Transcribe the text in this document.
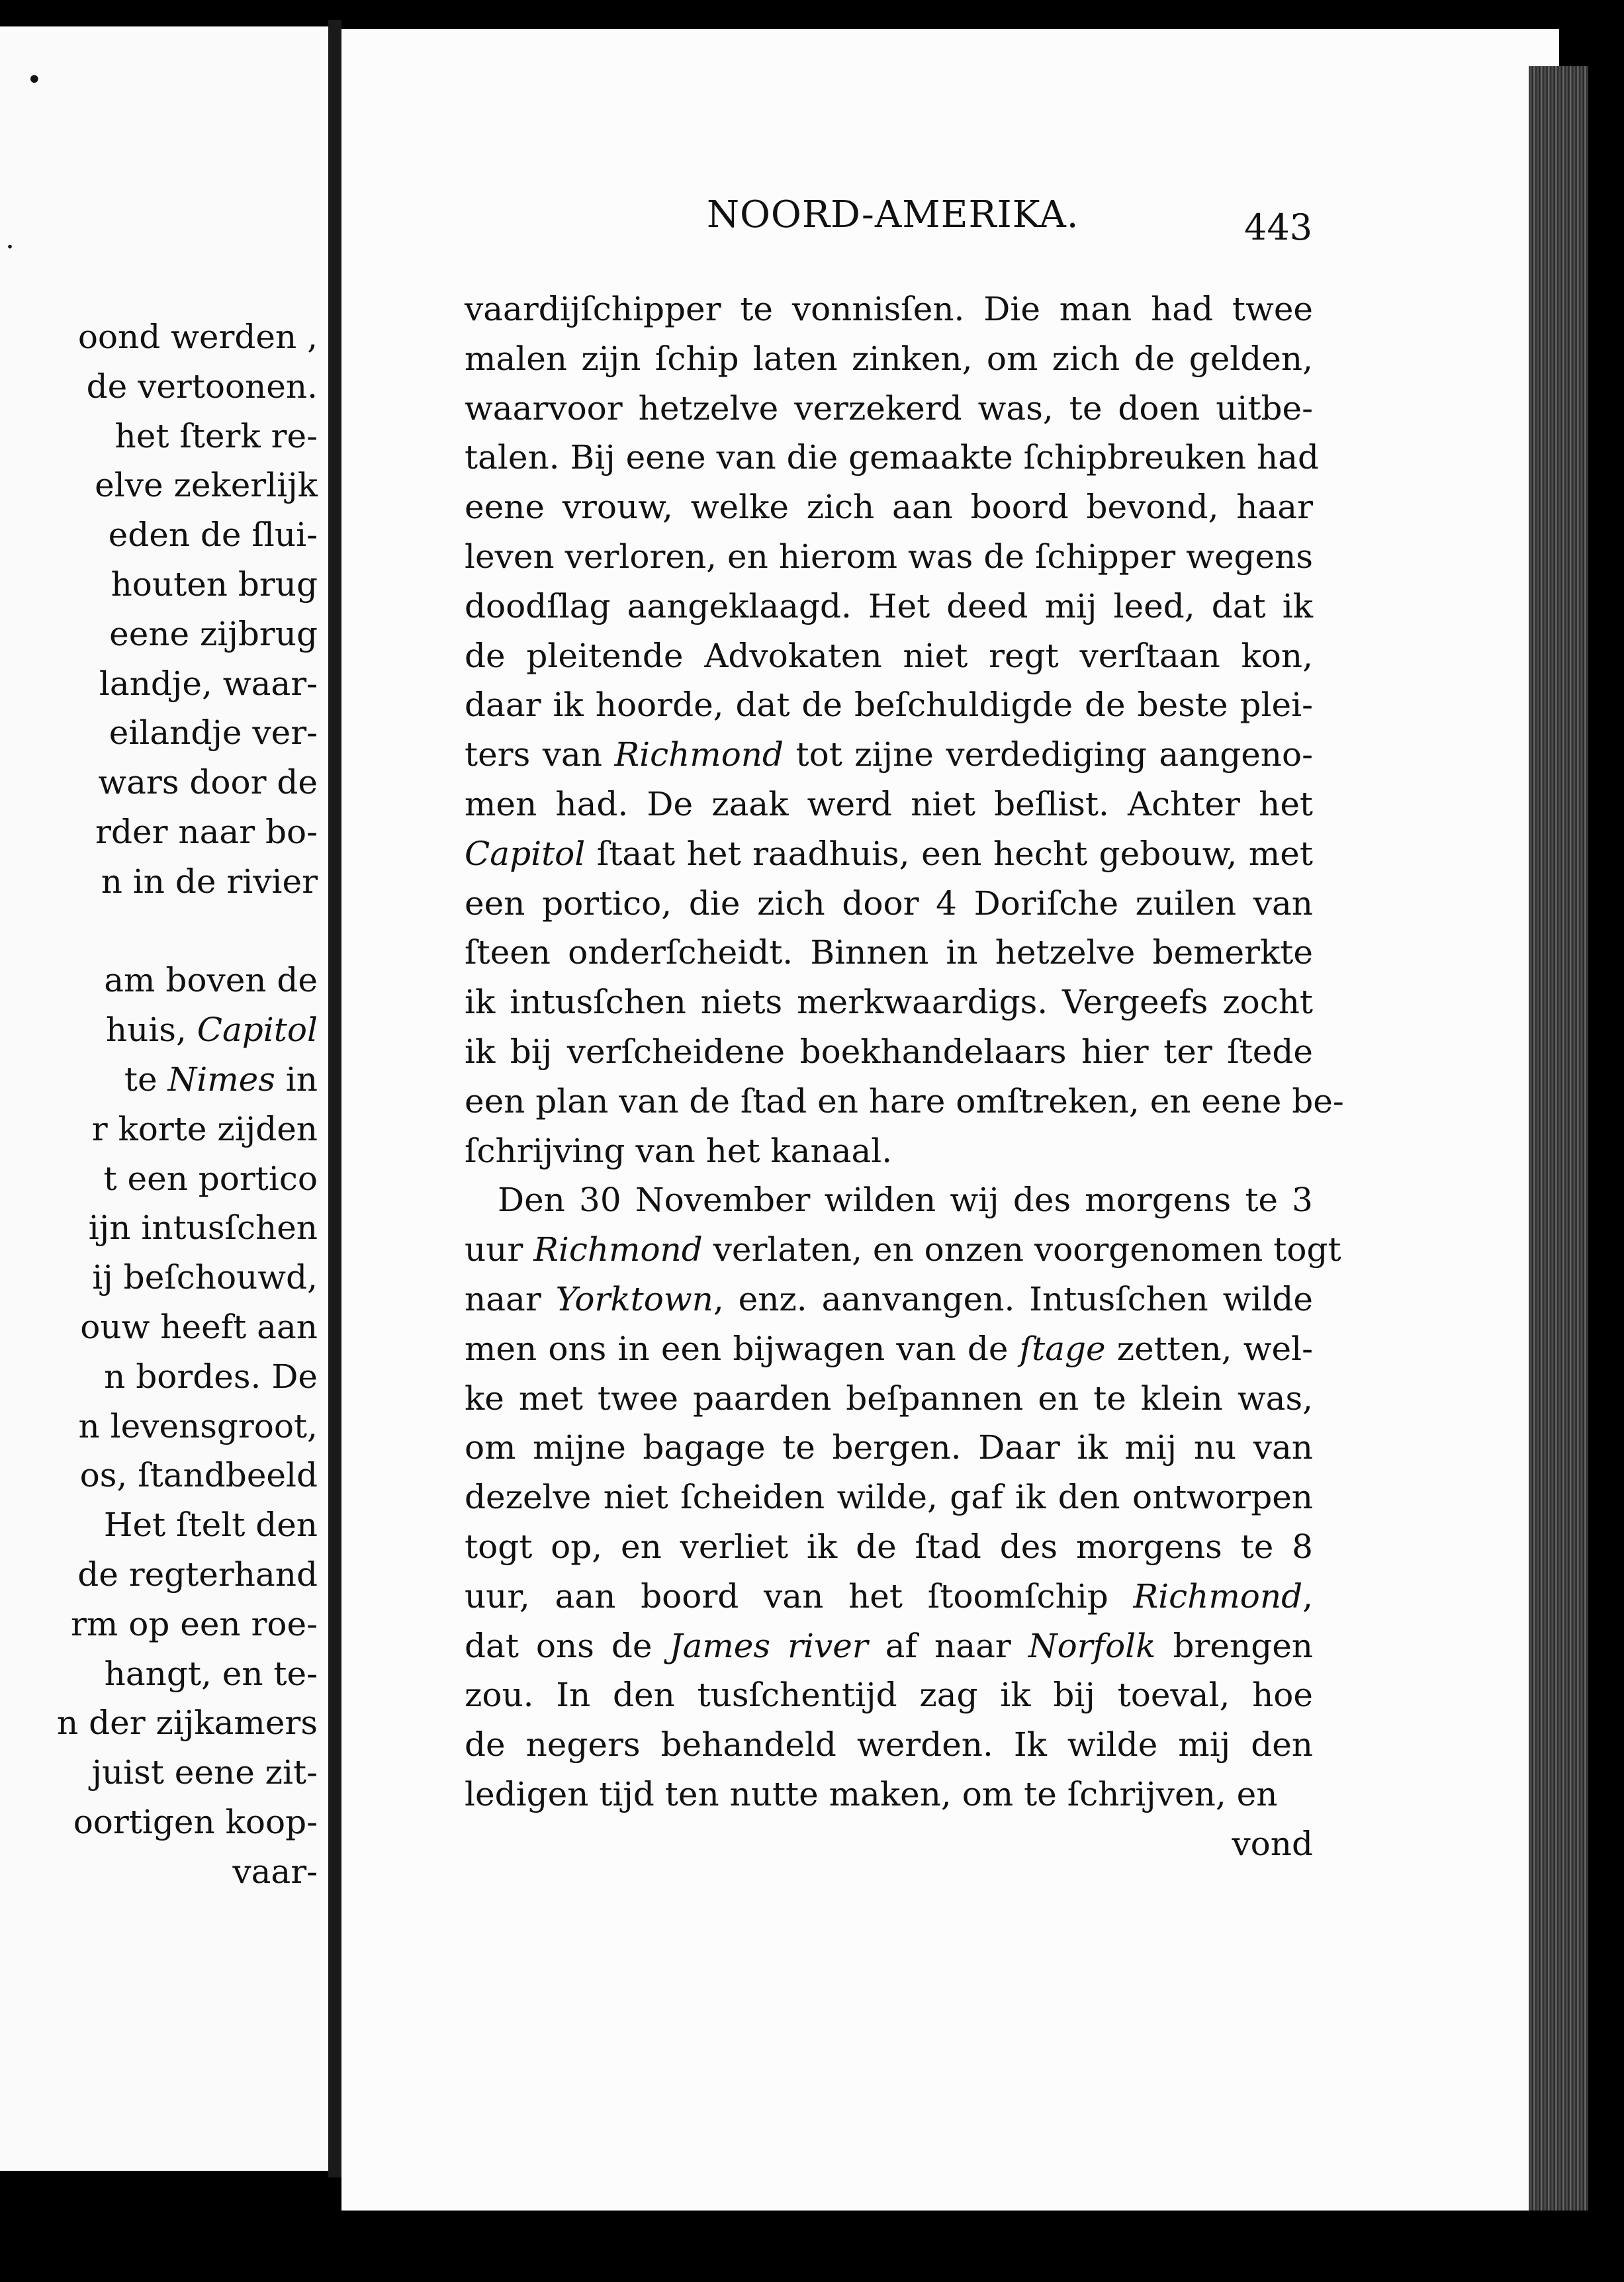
•
.
oond werden ,
de vertoonen.
het ſterk re-
elve zekerlijk
eden de ſlui-
houten brug
eene zijbrug
landje, waar-
eilandje ver-
wars door de
rder naar bo-
n in de rivier
am boven de
huis, Capitol
te Nimes in
r korte zijden
t een portico
ijn intusſchen
ij beſchouwd,
ouw heeft aan
n bordes. De
n levensgroot,
os, ſtandbeeld
Het ſtelt den
de regterhand
rm op een roe-
hangt, en te-
n der zijkamers
juist eene zit-
oortigen koop-
vaar-
NOORD-AMERIKA.	443
vaardijſchipper te vonnisſen. Die man had twee
malen zijn ſchip laten zinken, om zich de gelden,
waarvoor hetzelve verzekerd was, te doen uitbe-
talen. Bij eene van die gemaakte ſchipbreuken had
eene vrouw, welke zich aan boord bevond, haar
leven verloren, en hierom was de ſchipper wegens
doodſlag aangeklaagd. Het deed mij leed, dat ik
de pleitende Advokaten niet regt verſtaan kon,
daar ik hoorde, dat de beſchuldigde de beste plei-
ters van Richmond tot zijne verdediging aangeno-
men had. De zaak werd niet beſlist. Achter het
Capitol ſtaat het raadhuis, een hecht gebouw, met
een portico, die zich door 4 Doriſche zuilen van
ſteen onderſcheidt. Binnen in hetzelve bemerkte
ik intusſchen niets merkwaardigs. Vergeefs zocht
ik bij verſcheidene boekhandelaars hier ter ſtede
een plan van de ſtad en hare omſtreken, en eene be-
ſchrijving van het kanaal.
Den 30 November wilden wij des morgens te 3
uur Richmond verlaten, en onzen voorgenomen togt
naar Yorktown, enz. aanvangen. Intusſchen wilde
men ons in een bijwagen van de ſtage zetten, wel-
ke met twee paarden beſpannen en te klein was,
om mijne bagage te bergen. Daar ik mij nu van
dezelve niet ſcheiden wilde, gaf ik den ontworpen
togt op, en verliet ik de ſtad des morgens te 8
uur, aan boord van het ſtoomſchip Richmond,
dat ons de James river af naar Norfolk brengen
zou. In den tusſchentijd zag ik bij toeval, hoe
de negers behandeld werden. Ik wilde mij den
ledigen tijd ten nutte maken, om te ſchrijven, en
vond
